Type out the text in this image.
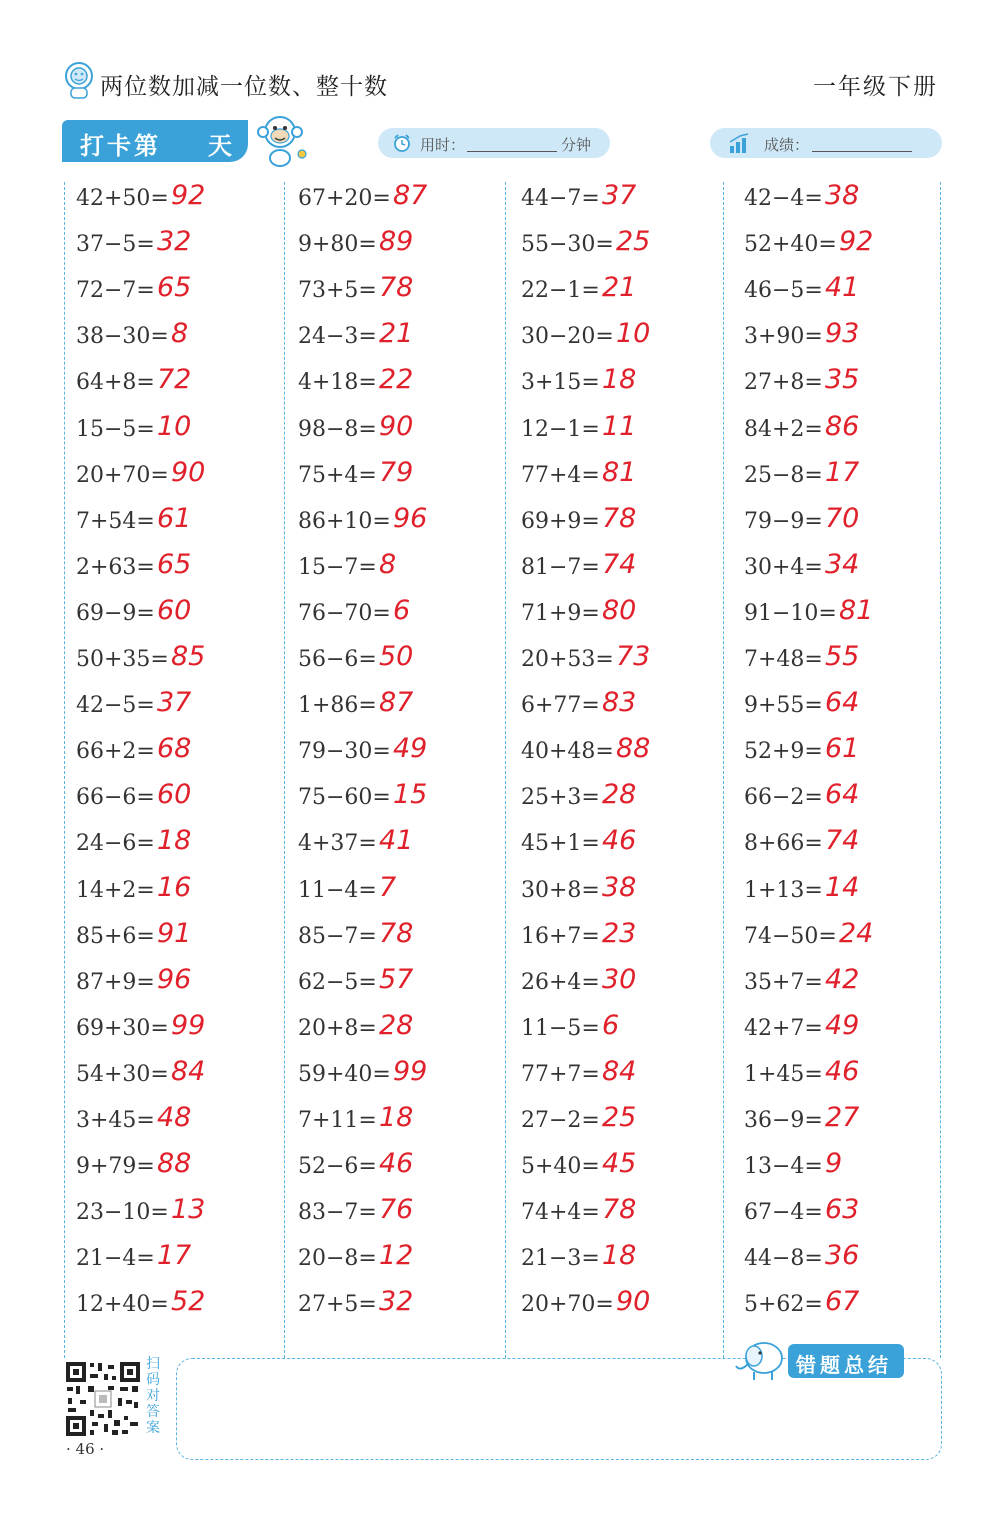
两位数加减一位数、整十数	一年级下册
打卡第 天	用时：	分钟	成绩：
42+50= 92
37−5= 32
72−7= 65
38−30= 8
64+8= 72
15−5= 10
20+70= 90
7+54= 61
2+63= 65
69−9= 60
50+35= 85
42−5= 37
66+2= 68
66−6= 60
24−6= 18
14+2= 16
85+6= 91
87+9= 96
69+30= 99
54+30= 84
3+45= 48
9+79= 88
23−10= 13
21−4= 17
12+40= 52
67+20= 87
9+80= 89
73+5= 78
24−3= 21
4+18= 22
98−8= 90
75+4= 79
86+10= 96
15−7= 8
76−70= 6
56−6= 50
1+86= 87
79−30= 49
75−60= 15
4+37= 41
11−4= 7
85−7= 78
62−5= 57
20+8= 28
59+40= 99
7+11= 18
52−6= 46
83−7= 76
20−8= 12
27+5= 32
44−7= 37
55−30= 25
22−1= 21
30−20= 10
3+15= 18
12−1= 11
77+4= 81
69+9= 78
81−7= 74
71+9= 80
20+53= 73
6+77= 83
40+48= 88
25+3= 28
45+1= 46
30+8= 38
16+7= 23
26+4= 30
11−5= 6
77+7= 84
27−2= 25
5+40= 45
74+4= 78
21−3= 18
20+70= 90
42−4= 38
52+40= 92
46−5= 41
3+90= 93
27+8= 35
84+2= 86
25−8= 17
79−9= 70
30+4= 34
91−10= 81
7+48= 55
9+55= 64
52+9= 61
66−2= 64
8+66= 74
1+13= 14
74−50= 24
35+7= 42
42+7= 49
1+45= 46
36−9= 27
13−4= 9
67−4= 63
44−8= 36
5+62= 67
扫码对答案
· 46 ·
错题总结
